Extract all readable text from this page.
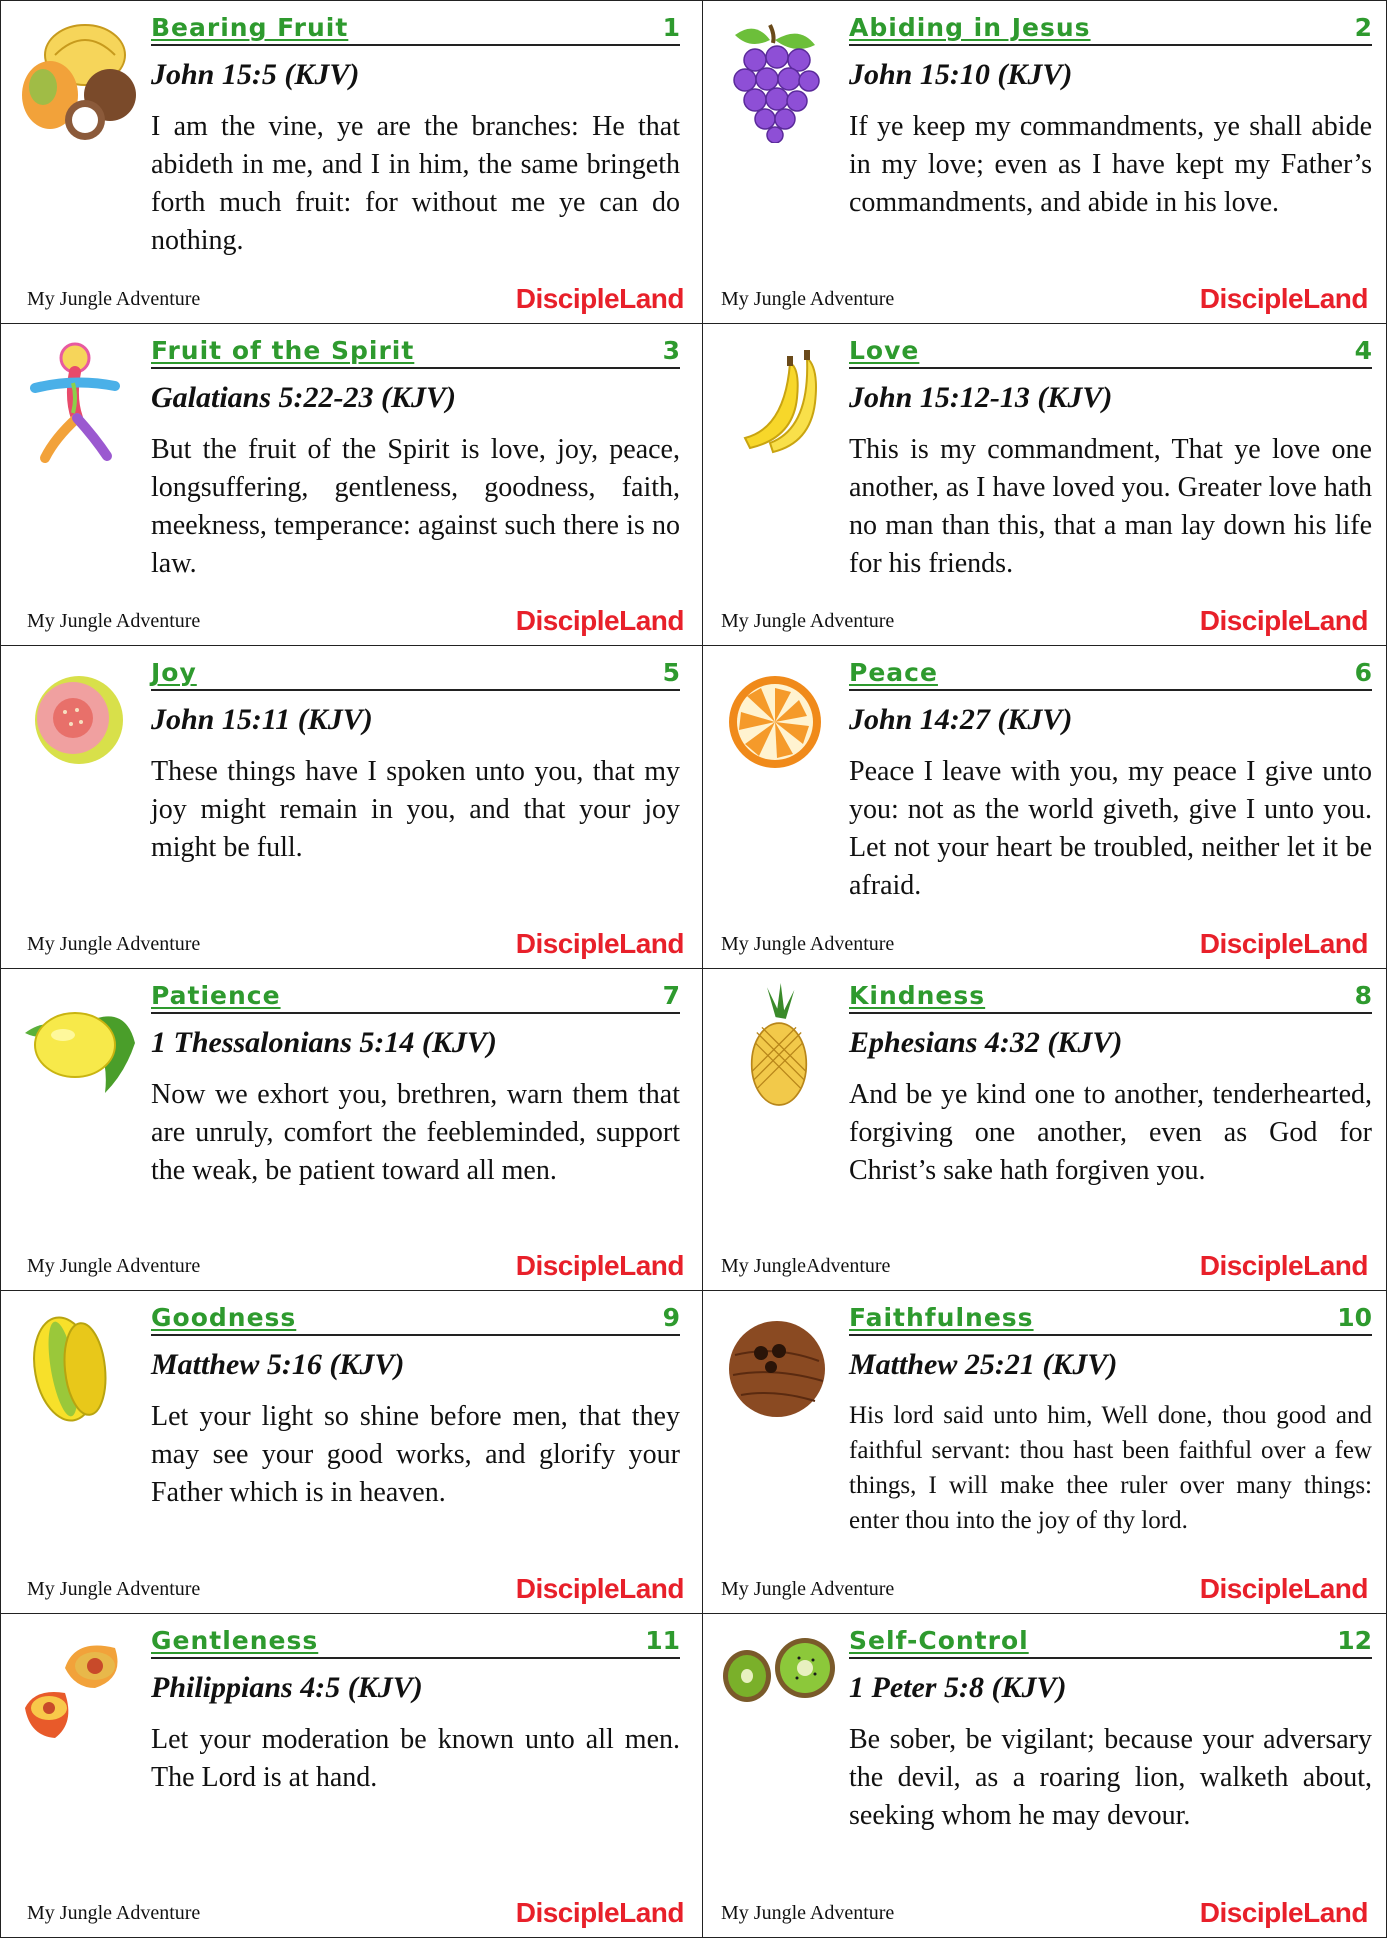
Bearing Fruit	1
John 15:5 (KJV)
I am the vine, ye are the branches: He that abideth in me, and I in him, the same bringeth forth much fruit: for without me ye can do nothing.
My Jungle Adventure	DiscipleLand
Abiding in Jesus	2
John 15:10 (KJV)
If ye keep my commandments, ye shall abide in my love; even as I have kept my Father’s commandments, and abide in his love.
My Jungle Adventure	DiscipleLand
Fruit of the Spirit	3
Galatians 5:22-23 (KJV)
But the fruit of the Spirit is love, joy, peace, longsuffering, gentleness, goodness, faith, meekness, temperance: against such there is no law.
My Jungle Adventure	DiscipleLand
Love	4
John 15:12-13 (KJV)
This is my commandment, That ye love one another, as I have loved you. Greater love hath no man than this, that a man lay down his life for his friends.
My Jungle Adventure	DiscipleLand
Joy	5
John 15:11 (KJV)
These things have I spoken unto you, that my joy might remain in you, and that your joy might be full.
My Jungle Adventure	DiscipleLand
Peace	6
John 14:27 (KJV)
Peace I leave with you, my peace I give unto you: not as the world giveth, give I unto you. Let not your heart be troubled, neither let it be afraid.
My Jungle Adventure	DiscipleLand
Patience	7
1 Thessalonians 5:14 (KJV)
Now we exhort you, brethren, warn them that are unruly, comfort the feebleminded, support the weak, be patient toward all men.
My Jungle Adventure	DiscipleLand
Kindness	8
Ephesians 4:32 (KJV)
And be ye kind one to another, tenderhearted, forgiving one another, even as God for Christ’s sake hath forgiven you.
My JungleAdventure	DiscipleLand
Goodness	9
Matthew 5:16 (KJV)
Let your light so shine before men, that they may see your good works, and glorify your Father which is in heaven.
My Jungle Adventure	DiscipleLand
Faithfulness	10
Matthew 25:21 (KJV)
His lord said unto him, Well done, thou good and faithful servant: thou hast been faithful over a few things, I will make thee ruler over many things: enter thou into the joy of thy lord.
My Jungle Adventure	DiscipleLand
Gentleness	11
Philippians 4:5 (KJV)
Let your moderation be known unto all men. The Lord is at hand.
My Jungle Adventure	DiscipleLand
Self-Control	12
1 Peter 5:8 (KJV)
Be sober, be vigilant; because your adversary the devil, as a roaring lion, walketh about, seeking whom he may devour.
My Jungle Adventure	DiscipleLand
